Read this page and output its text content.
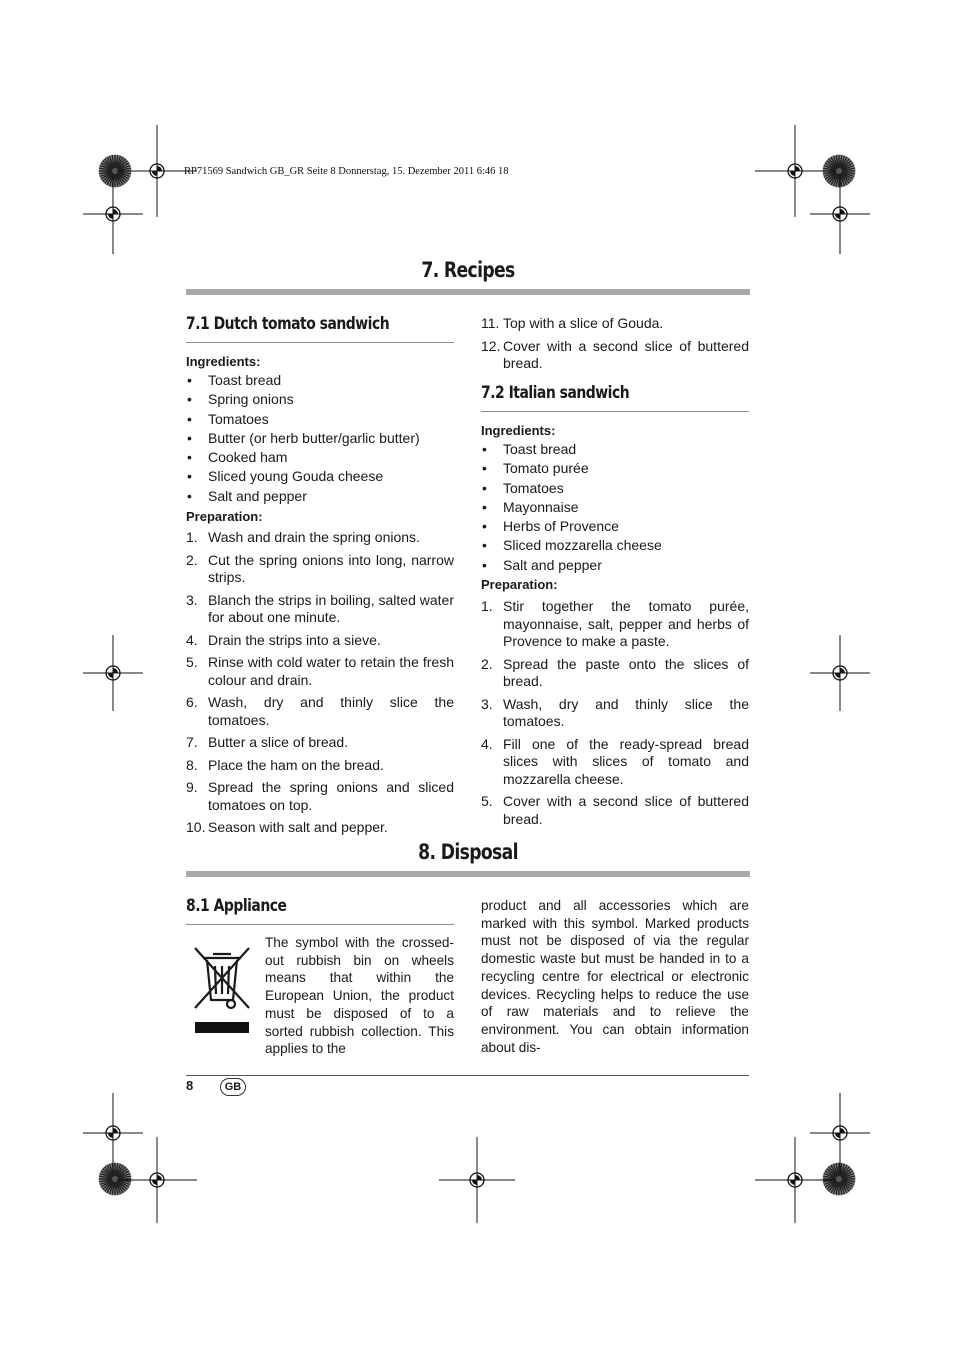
RP71569 Sandwich GB_GR Seite 8 Donnerstag, 15. Dezember 2011 6:46 18
7. Recipes
7.1 Dutch tomato sandwich
Ingredients:
• Toast bread
• Spring onions
• Tomatoes
• Butter (or herb butter/garlic butter)
• Cooked ham
• Sliced young Gouda cheese
• Salt and pepper
Preparation:
1. Wash and drain the spring onions.
2. Cut the spring onions into long, narrow strips.
3. Blanch the strips in boiling, salted water for about one minute.
4. Drain the strips into a sieve.
5. Rinse with cold water to retain the fresh colour and drain.
6. Wash, dry and thinly slice the tomatoes.
7. Butter a slice of bread.
8. Place the ham on the bread.
9. Spread the spring onions and sliced tomatoes on top.
10. Season with salt and pepper.
11. Top with a slice of Gouda.
12. Cover with a second slice of buttered bread.
7.2 Italian sandwich
Ingredients:
• Toast bread
• Tomato purée
• Tomatoes
• Mayonnaise
• Herbs of Provence
• Sliced mozzarella cheese
• Salt and pepper
Preparation:
1. Stir together the tomato purée, mayonnaise, salt, pepper and herbs of Provence to make a paste.
2. Spread the paste onto the slices of bread.
3. Wash, dry and thinly slice the tomatoes.
4. Fill one of the ready-spread bread slices with slices of tomato and mozzarella cheese.
5. Cover with a second slice of buttered bread.
8. Disposal
8.1 Appliance

The symbol with the crossed-out rubbish bin on wheels means that within the European Union, the product must be disposed of to a sorted rubbish collection. This applies to the

product and all accessories which are marked with this symbol. Marked products must not be disposed of via the regular domestic waste but must be handed in to a recycling centre for electrical or electronic devices. Recycling helps to reduce the use of raw materials and to relieve the environment. You can obtain information about dis-

8	GB
